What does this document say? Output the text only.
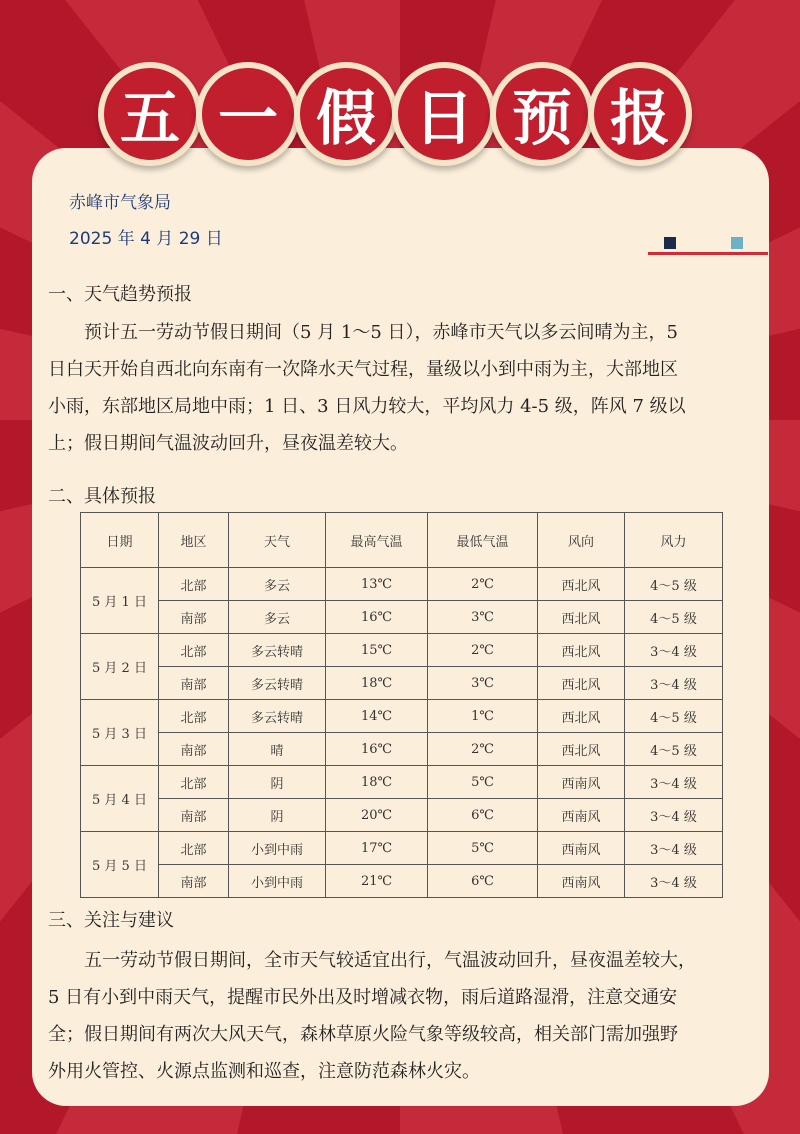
五 一 假 日 预 报
赤峰市气象局
2025 年 4 月 29 日
一、天气趋势预报
　　预计五一劳动节假日期间（5 月 1～5 日），赤峰市天气以多云间晴为主，5
日白天开始自西北向东南有一次降水天气过程，量级以小到中雨为主，大部地区
小雨，东部地区局地中雨；1 日、3 日风力较大，平均风力 4-5 级，阵风 7 级以
上；假日期间气温波动回升，昼夜温差较大。
二、具体预报
日期	地区	天气	最高气温	最低气温	风向	风力
5 月 1 日	北部	多云	13℃	2℃	西北风	4～5 级
	南部	多云	16℃	3℃	西北风	4～5 级
5 月 2 日	北部	多云转晴	15℃	2℃	西北风	3～4 级
	南部	多云转晴	18℃	3℃	西北风	3～4 级
5 月 3 日	北部	多云转晴	14℃	1℃	西北风	4～5 级
	南部	晴	16℃	2℃	西北风	4～5 级
5 月 4 日	北部	阴	18℃	5℃	西南风	3～4 级
	南部	阴	20℃	6℃	西南风	3～4 级
5 月 5 日	北部	小到中雨	17℃	5℃	西南风	3～4 级
	南部	小到中雨	21℃	6℃	西南风	3～4 级
三、关注与建议
　　五一劳动节假日期间，全市天气较适宜出行，气温波动回升，昼夜温差较大，
5 日有小到中雨天气，提醒市民外出及时增减衣物，雨后道路湿滑，注意交通安
全；假日期间有两次大风天气，森林草原火险气象等级较高，相关部门需加强野
外用火管控、火源点监测和巡查，注意防范森林火灾。
